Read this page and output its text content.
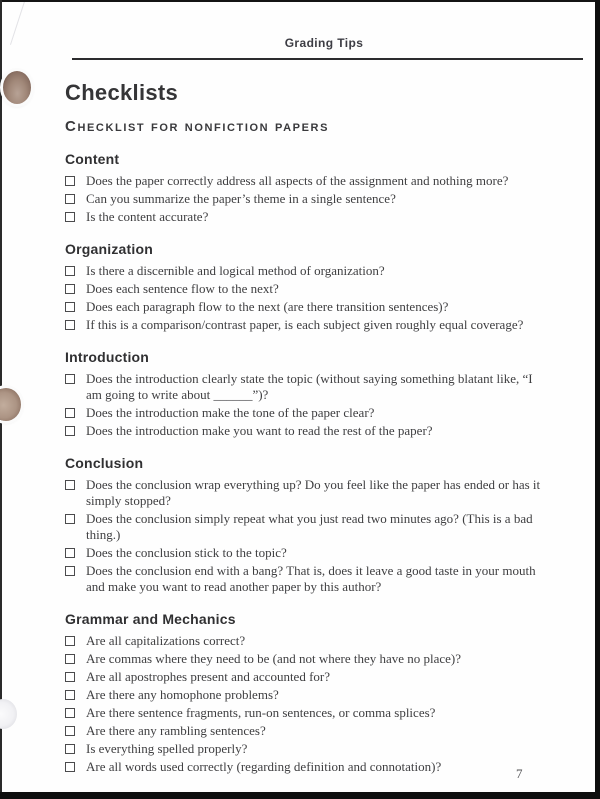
Grading Tips
Checklists
Checklist for nonfiction papers
Content
Does the paper correctly address all aspects of the assignment and nothing more?
Can you summarize the paper’s theme in a single sentence?
Is the content accurate?
Organization
Is there a discernible and logical method of organization?
Does each sentence flow to the next?
Does each paragraph flow to the next (are there transition sentences)?
If this is a comparison/contrast paper, is each subject given roughly equal coverage?
Introduction
Does the introduction clearly state the topic (without saying something blatant like, “I am going to write about ______”)?
Does the introduction make the tone of the paper clear?
Does the introduction make you want to read the rest of the paper?
Conclusion
Does the conclusion wrap everything up? Do you feel like the paper has ended or has it simply stopped?
Does the conclusion simply repeat what you just read two minutes ago? (This is a bad thing.)
Does the conclusion stick to the topic?
Does the conclusion end with a bang? That is, does it leave a good taste in your mouth and make you want to read another paper by this author?
Grammar and Mechanics
Are all capitalizations correct?
Are commas where they need to be (and not where they have no place)?
Are all apostrophes present and accounted for?
Are there any homophone problems?
Are there sentence fragments, run-on sentences, or comma splices?
Are there any rambling sentences?
Is everything spelled properly?
Are all words used correctly (regarding definition and connotation)?	7
